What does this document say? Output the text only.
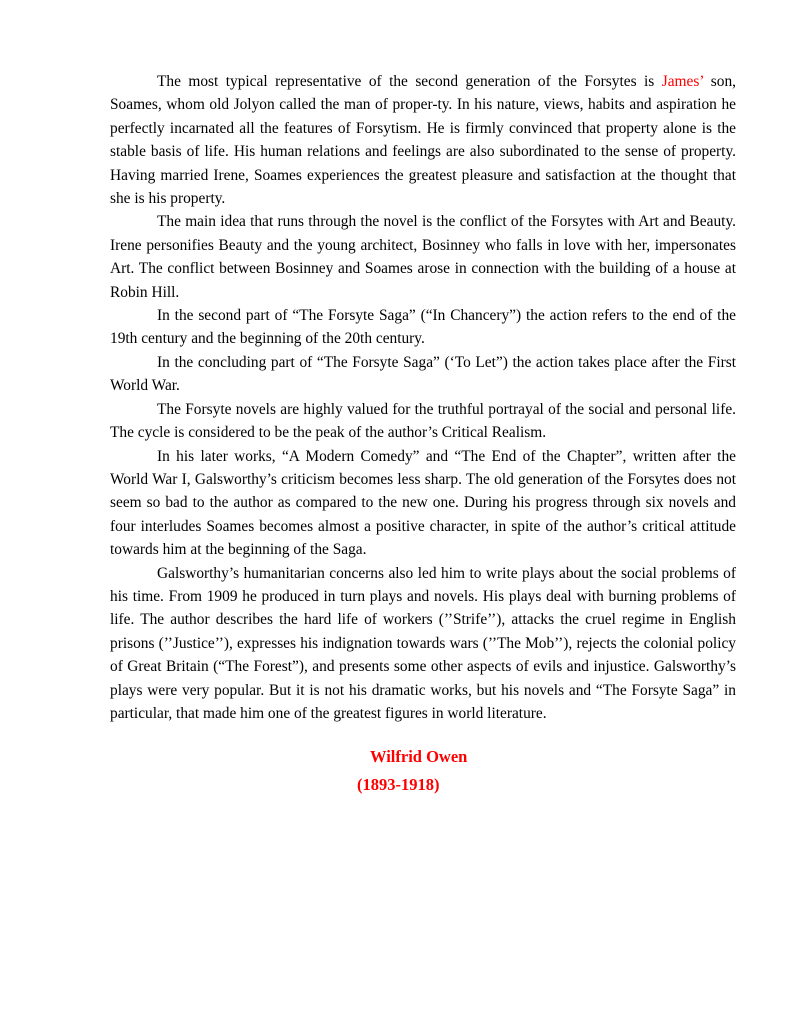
The most typical representative of the second generation of the Forsytes is James’ son, Soames, whom old Jolyon called the man of proper-ty. In his nature, views, habits and aspiration he perfectly incarnated all the features of Forsytism. He is firmly convinced that property alone is the stable basis of life. His human relations and feelings are also subordinated to the sense of property. Having married Irene, Soames experiences the greatest pleasure and satisfaction at the thought that she is his property.

The main idea that runs through the novel is the conflict of the Forsytes with Art and Beauty. Irene personifies Beauty and the young architect, Bosinney who falls in love with her, impersonates Art. The conflict between Bosinney and Soames arose in connection with the building of a house at Robin Hill.

In the second part of “The Forsyte Saga” (“In Chancery”) the action refers to the end of the 19th century and the beginning of the 20th century.

In the concluding part of “The Forsyte Saga” (‘To Let”) the action takes place after the First World War.

The Forsyte novels are highly valued for the truthful portrayal of the social and personal life. The cycle is considered to be the peak of the author’s Critical Realism.

In his later works, “A Modern Comedy” and “The End of the Chapter”, written after the World War I, Galsworthy’s criticism becomes less sharp. The old generation of the Forsytes does not seem so bad to the author as compared to the new one. During his progress through six novels and four interludes Soames becomes almost a positive character, in spite of the author’s critical attitude towards him at the beginning of the Saga.

Galsworthy’s humanitarian concerns also led him to write plays about the social problems of his time. From 1909 he produced in turn plays and novels. His plays deal with burning problems of life. The author describes the hard life of workers (’’Strife’’), attacks the cruel regime in English prisons (’’Justice’’), expresses his indignation towards wars (’’The Mob’’), rejects the colonial policy of Great Britain (“The Forest”), and presents some other aspects of evils and injustice. Galsworthy’s plays were very popular. But it is not his dramatic works, but his novels and “The Forsyte Saga” in particular, that made him one of the greatest figures in world literature.

Wilfrid Owen

(1893-1918)
